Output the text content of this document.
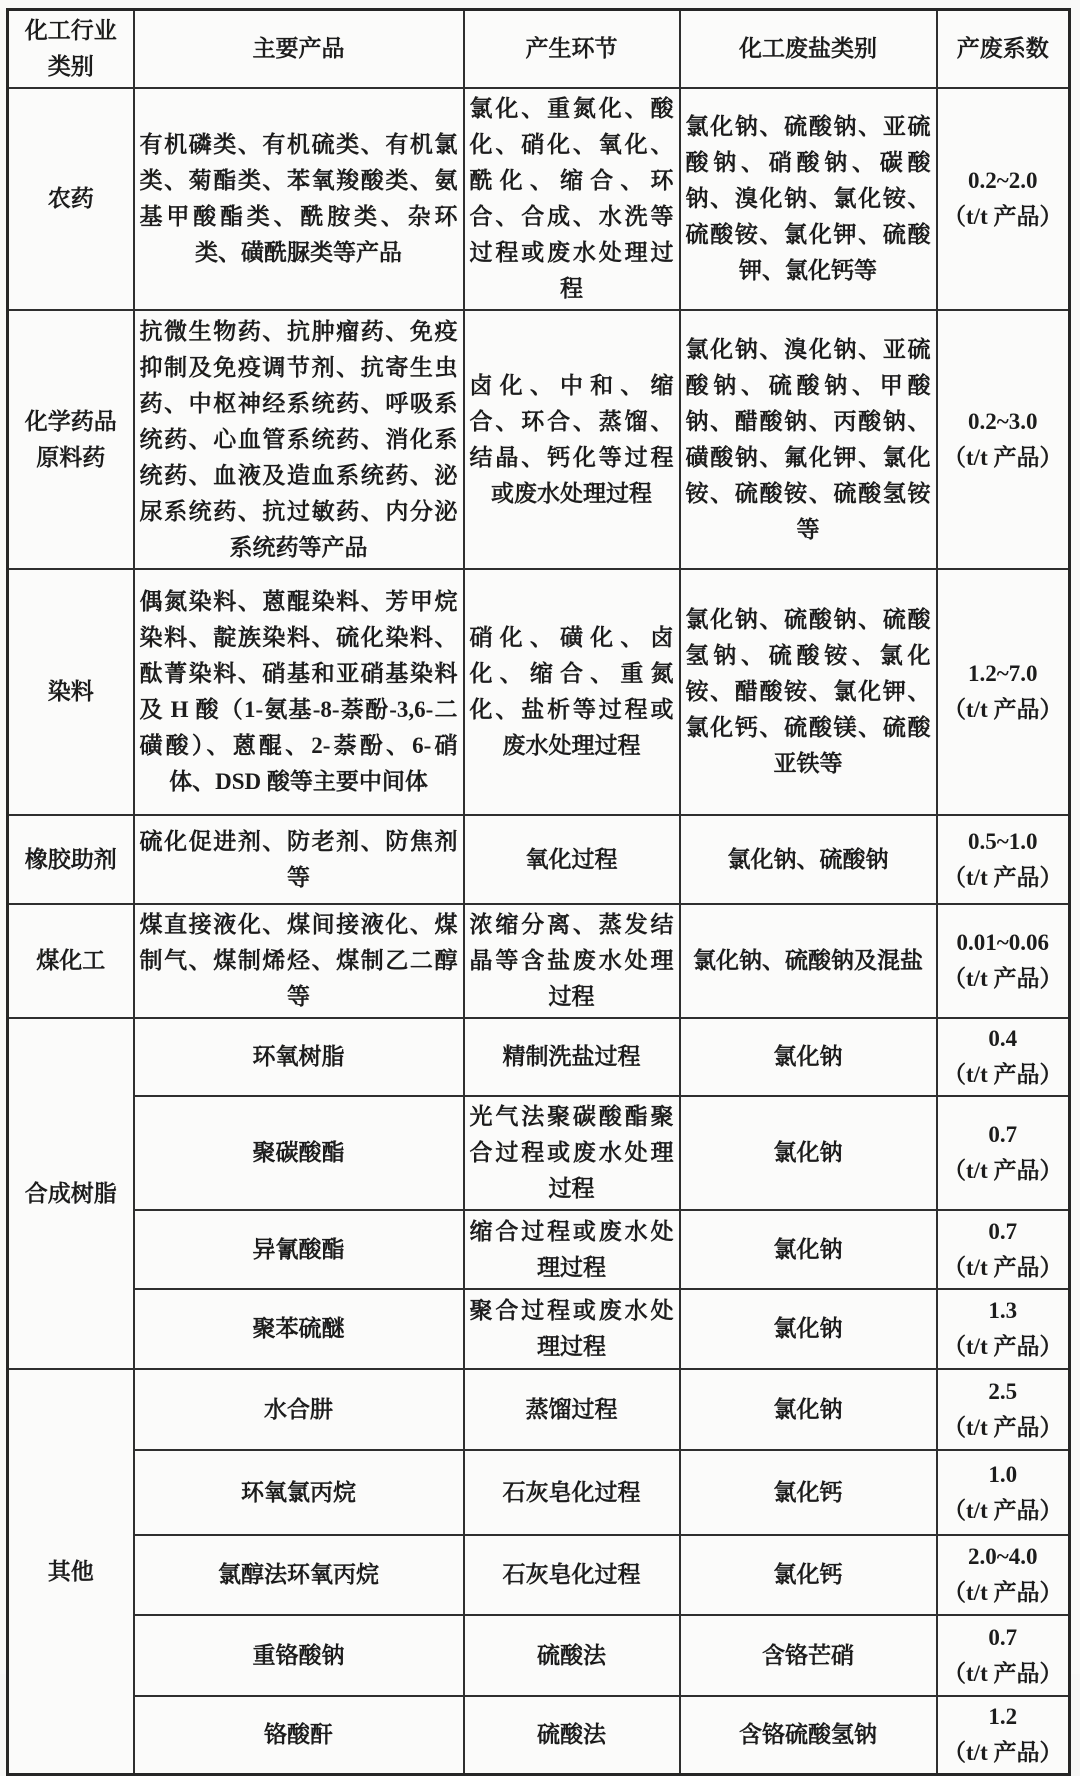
化工行业类别	主要产品	产生环节	化工废盐类别	产废系数
农药	有机磷类、有机硫类、有机氯类、菊酯类、苯氧羧酸类、氨基甲酸酯类、酰胺类、杂环类、磺酰脲类等产品	氯化、重氮化、酸化、硝化、氧化、酰化、缩合、环合、合成、水洗等过程或废水处理过程	氯化钠、硫酸钠、亚硫酸钠、硝酸钠、碳酸钠、溴化钠、氯化铵、硫酸铵、氯化钾、硫酸钾、氯化钙等	0.2~2.0
（t/t 产品）

化学药品原料药	抗微生物药、抗肿瘤药、免疫抑制及免疫调节剂、抗寄生虫药、中枢神经系统药、呼吸系统药、心血管系统药、消化系统药、血液及造血系统药、泌尿系统药、抗过敏药、内分泌系统药等产品	卤化、中和、缩合、环合、蒸馏、结晶、钙化等过程或废水处理过程	氯化钠、溴化钠、亚硫酸钠、硫酸钠、甲酸钠、醋酸钠、丙酸钠、磺酸钠、氟化钾、氯化铵、硫酸铵、硫酸氢铵等	0.2~3.0
（t/t 产品）

染料	偶氮染料、蒽醌染料、芳甲烷染料、靛族染料、硫化染料、酞菁染料、硝基和亚硝基染料及 H 酸（1-氨基-8-萘酚-3,6-二磺酸）、蒽醌、2-萘酚、6-硝体、DSD 酸等主要中间体	硝化、磺化、卤化、缩合、重氮化、盐析等过程或废水处理过程	氯化钠、硫酸钠、硫酸氢钠、硫酸铵、氯化铵、醋酸铵、氯化钾、氯化钙、硫酸镁、硫酸亚铁等	1.2~7.0
（t/t 产品）

橡胶助剂	硫化促进剂、防老剂、防焦剂等	氧化过程	氯化钠、硫酸钠	0.5~1.0
（t/t 产品）

煤化工	煤直接液化、煤间接液化、煤制气、煤制烯烃、煤制乙二醇等	浓缩分离、蒸发结晶等含盐废水处理过程	氯化钠、硫酸钠及混盐	0.01~0.06
（t/t 产品）

合成树脂	环氧树脂	精制洗盐过程	氯化钠	0.4
（t/t 产品）

	聚碳酸酯	光气法聚碳酸酯聚合过程或废水处理过程	氯化钠	0.7
（t/t 产品）

	异氰酸酯	缩合过程或废水处理过程	氯化钠	0.7
（t/t 产品）

	聚苯硫醚	聚合过程或废水处理过程	氯化钠	1.3
（t/t 产品）

其他	水合肼	蒸馏过程	氯化钠	2.5
（t/t 产品）

	环氧氯丙烷	石灰皂化过程	氯化钙	1.0
（t/t 产品）

	氯醇法环氧丙烷	石灰皂化过程	氯化钙	2.0~4.0
（t/t 产品）

	重铬酸钠	硫酸法	含铬芒硝	0.7
（t/t 产品）

	铬酸酐	硫酸法	含铬硫酸氢钠	1.2
（t/t 产品）
